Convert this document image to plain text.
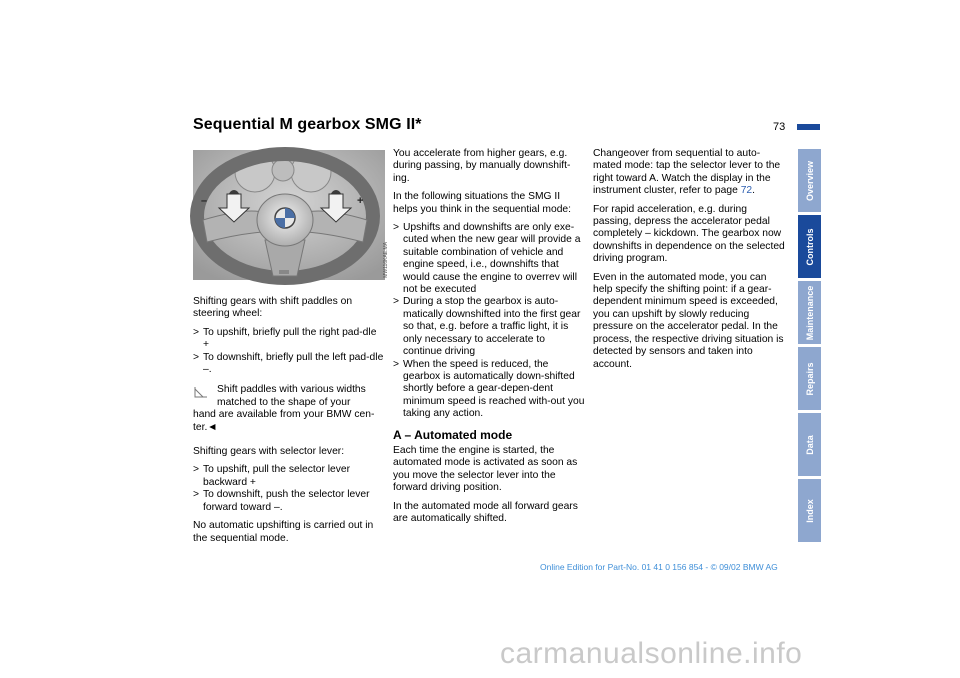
Sequential M gearbox SMG II*	73
–	+
MW116KAE.MA

Shifting gears with shift paddles on steering wheel:

> To upshift, briefly pull the right pad-dle +
> To downshift, briefly pull the left pad-dle –.
Shift paddles with various widths matched to the shape of your
hand are available from your BMW cen-ter.◄

Shifting gears with selector lever:

> To upshift, pull the selector lever backward +
> To downshift, push the selector lever forward toward –.

No automatic upshifting is carried out in the sequential mode.

You accelerate from higher gears, e.g. during passing, by manually downshift-ing.

In the following situations the SMG II helps you think in the sequential mode:

> Upshifts and downshifts are only exe-cuted when the new gear will provide a suitable combination of vehicle and engine speed, i.e., downshifts that would cause the engine to overrev will not be executed
> During a stop the gearbox is auto-matically downshifted into the first gear so that, e.g. before a traffic light, it is only necessary to accelerate to continue driving
> When the speed is reduced, the gearbox is automatically down-shifted shortly before a gear-depen-dent minimum speed is reached with-out you taking any action.
A – Automated mode

Each time the engine is started, the automated mode is activated as soon as you move the selector lever into the forward driving position.

In the automated mode all forward gears are automatically shifted.

Changeover from sequential to auto-mated mode: tap the selector lever to the right toward A. Watch the display in the instrument cluster, refer to page 72.

For rapid acceleration, e.g. during passing, depress the accelerator pedal completely – kickdown. The gearbox now downshifts in dependence on the selected driving program.

Even in the automated mode, you can help specify the shifting point: if a gear-dependent minimum speed is exceeded, you can upshift by slowly reducing pressure on the accelerator pedal. In the process, the respective driving situation is detected by sensors and taken into account.

Overview
Controls
Maintenance
Repairs
Data
Index
Online Edition for Part-No. 01 41 0 156 854 - © 09/02 BMW AG
carmanualsonline.info
